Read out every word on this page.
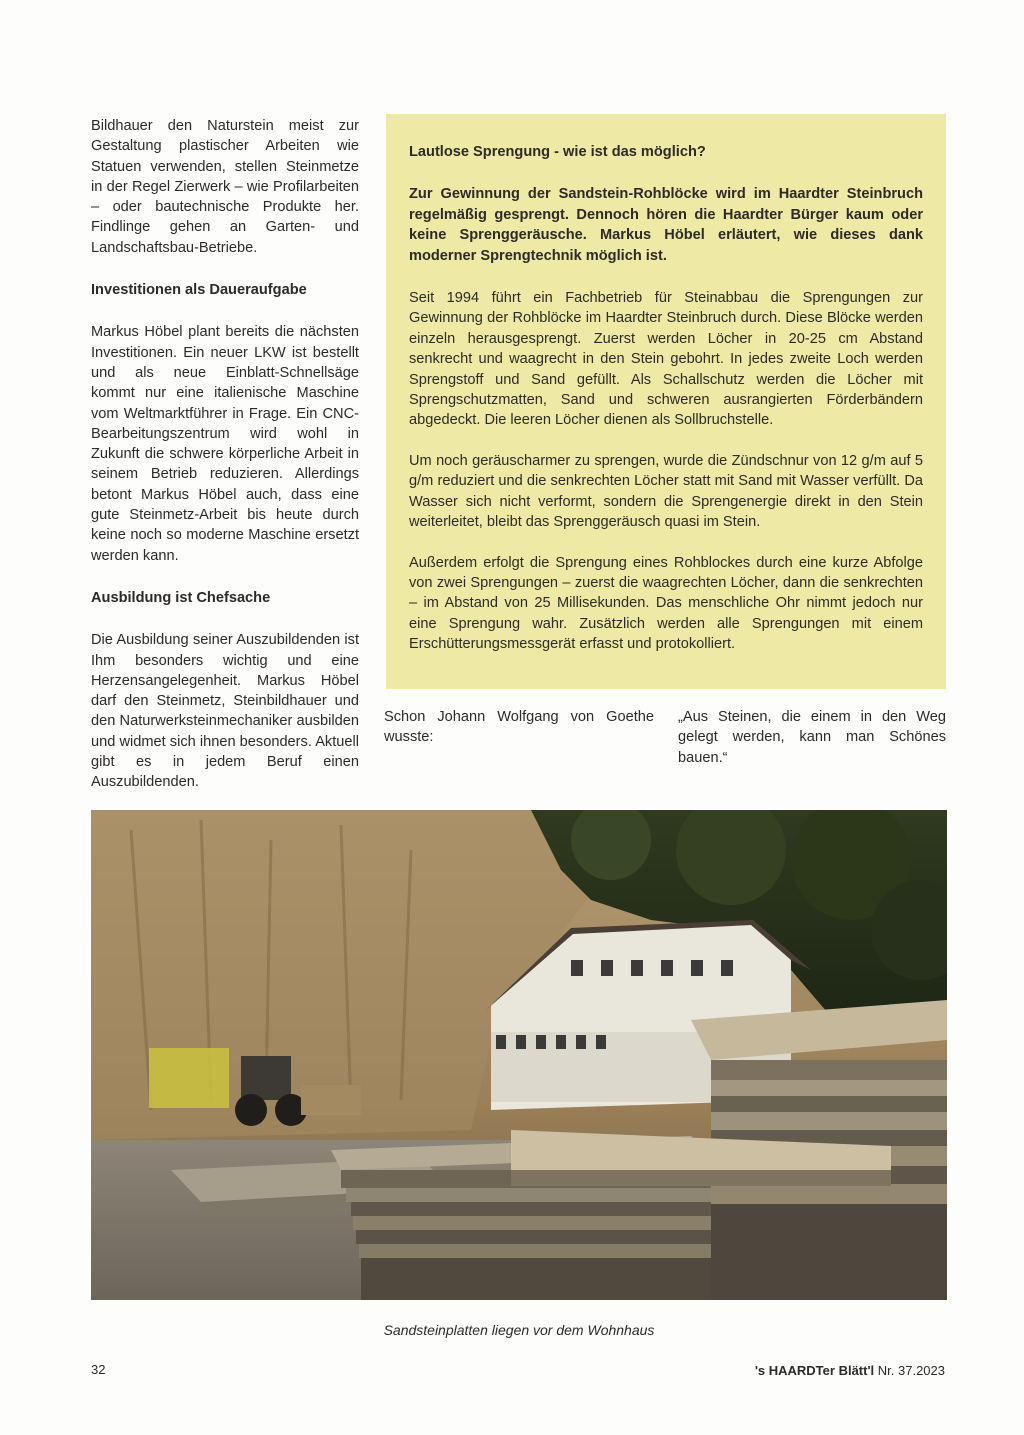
Bildhauer den Naturstein meist zur Gestaltung plastischer Arbeiten wie Statuen verwenden, stellen Steinmetze in der Regel Zierwerk – wie Profilarbeiten – oder bautechnische Produkte her. Findlinge gehen an Garten- und Landschaftsbau-Betriebe.

Investitionen als Daueraufgabe

Markus Höbel plant bereits die nächsten Investitionen. Ein neuer LKW ist bestellt und als neue Einblatt-Schnellsäge kommt nur eine italienische Maschine vom Weltmarktführer in Frage. Ein CNC-Bearbeitungszentrum wird wohl in Zukunft die schwere körperliche Arbeit in seinem Betrieb reduzieren. Allerdings betont Markus Höbel auch, dass eine gute Steinmetz-Arbeit bis heute durch keine noch so moderne Maschine ersetzt werden kann.

Ausbildung ist Chefsache

Die Ausbildung seiner Auszubildenden ist Ihm besonders wichtig und eine Herzensangelegenheit. Markus Höbel darf den Steinmetz, Steinbildhauer und den Naturwerksteinmechaniker ausbilden und widmet sich ihnen besonders. Aktuell gibt es in jedem Beruf einen Auszubildenden.

Lautlose Sprengung - wie ist das möglich?

Zur Gewinnung der Sandstein-Rohblöcke wird im Haardter Steinbruch regelmäßig gesprengt. Dennoch hören die Haardter Bürger kaum oder keine Sprenggeräusche. Markus Höbel erläutert, wie dieses dank moderner Sprengtechnik möglich ist.

Seit 1994 führt ein Fachbetrieb für Steinabbau die Sprengungen zur Gewinnung der Rohblöcke im Haardter Steinbruch durch. Diese Blöcke werden einzeln herausgesprengt. Zuerst werden Löcher in 20-25 cm Abstand senkrecht und waagrecht in den Stein gebohrt. In jedes zweite Loch werden Sprengstoff und Sand gefüllt. Als Schallschutz werden die Löcher mit Sprengschutzmatten, Sand und schweren ausrangierten Förderbändern abgedeckt. Die leeren Löcher dienen als Sollbruchstelle.

Um noch geräuscharmer zu sprengen, wurde die Zündschnur von 12 g/m auf 5 g/m reduziert und die senkrechten Löcher statt mit Sand mit Wasser verfüllt. Da Wasser sich nicht verformt, sondern die Sprengenergie direkt in den Stein weiterleitet, bleibt das Sprenggeräusch quasi im Stein.

Außerdem erfolgt die Sprengung eines Rohblockes durch eine kurze Abfolge von zwei Sprengungen – zuerst die waagrechten Löcher, dann die senkrechten – im Abstand von 25 Millisekunden. Das menschliche Ohr nimmt jedoch nur eine Sprengung wahr. Zusätzlich werden alle Sprengungen mit einem Erschütterungsmessgerät erfasst und protokolliert.

Schon Johann Wolfgang von Goethe wusste:
„Aus Steinen, die einem in den Weg gelegt werden, kann man Schönes bauen.“
Sandsteinplatten liegen vor dem Wohnhaus
32	's HAARDTer Blätt'l Nr. 37.2023
